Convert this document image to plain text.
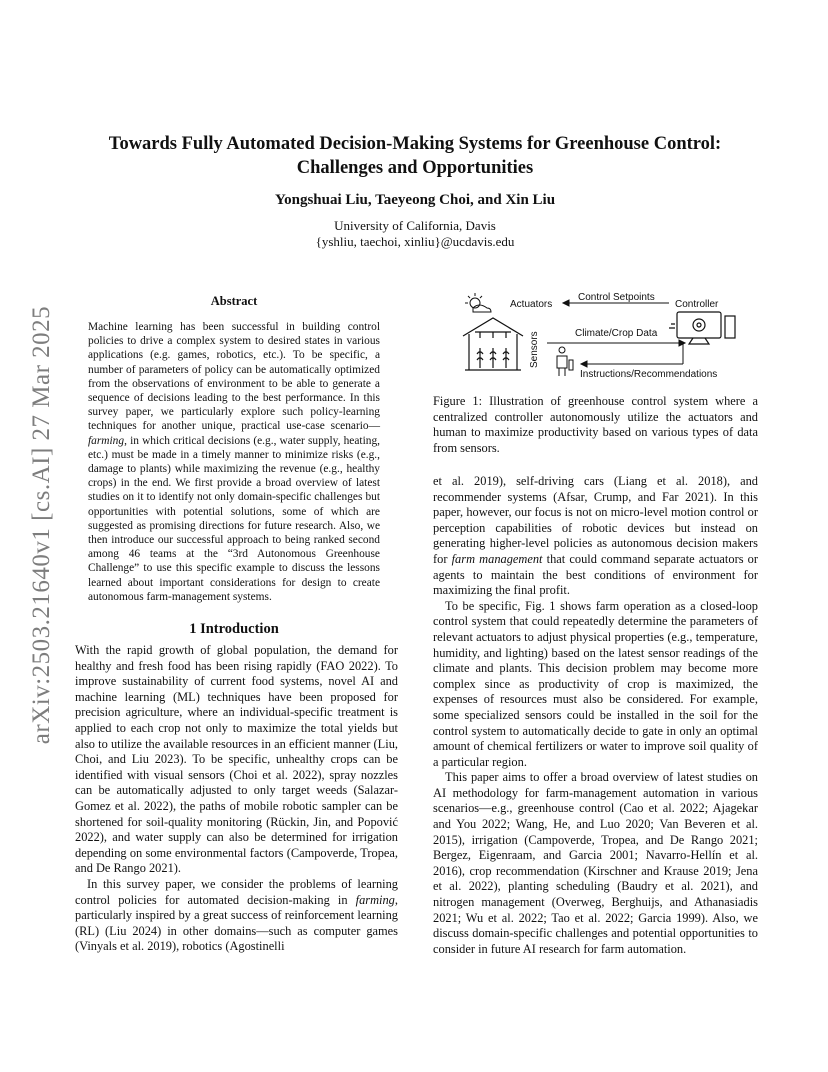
arXiv:2503.21640v1 [cs.AI] 27 Mar 2025
Towards Fully Automated Decision-Making Systems for Greenhouse Control:
Challenges and Opportunities
Yongshuai Liu, Taeyeong Choi, and Xin Liu
University of California, Davis
{yshliu, taechoi, xinliu}@ucdavis.edu
Abstract

Machine learning has been successful in building control policies to drive a complex system to desired states in various applications (e.g. games, robotics, etc.). To be specific, a number of parameters of policy can be automatically optimized from the observations of environment to be able to generate a sequence of decisions leading to the best performance. In this survey paper, we particularly explore such policy-learning techniques for another unique, practical use-case scenario—farming, in which critical decisions (e.g., water supply, heating, etc.) must be made in a timely manner to minimize risks (e.g., damage to plants) while maximizing the revenue (e.g., healthy crops) in the end. We first provide a broad overview of latest studies on it to identify not only domain-specific challenges but opportunities with potential solutions, some of which are suggested as promising directions for future research. Also, we then introduce our successful approach to being ranked second among 46 teams at the “3rd Autonomous Greenhouse Challenge” to use this specific example to discuss the lessons learned about important considerations for design to create autonomous farm-management systems.

1 Introduction

With the rapid growth of global population, the demand for healthy and fresh food has been rising rapidly (FAO 2022). To improve sustainability of current food systems, novel AI and machine learning (ML) techniques have been proposed for precision agriculture, where an individual-specific treatment is applied to each crop not only to maximize the total yields but also to utilize the available resources in an efficient manner (Liu, Choi, and Liu 2023). To be specific, unhealthy crops can be identified with visual sensors (Choi et al. 2022), spray nozzles can be automatically adjusted to only target weeds (Salazar-Gomez et al. 2022), the paths of mobile robotic sampler can be shortened for soil-quality monitoring (Rückin, Jin, and Popović 2022), and water supply can also be determined for irrigation depending on some environmental factors (Campoverde, Tropea, and De Rango 2021).

In this survey paper, we consider the problems of learning control policies for automated decision-making in farming, particularly inspired by a great success of reinforcement learning (RL) (Liu 2024) in other domains—such as computer games (Vinyals et al. 2019), robotics (Agostinelli

Sensors
Actuators
Control Setpoints
Controller
Climate/Crop Data
Instructions/Recommendations
Figure 1: Illustration of greenhouse control system where a centralized controller autonomously utilize the actuators and human to maximize productivity based on various types of data from sensors.

et al. 2019), self-driving cars (Liang et al. 2018), and recommender systems (Afsar, Crump, and Far 2021). In this paper, however, our focus is not on micro-level motion control or perception capabilities of robotic devices but instead on generating higher-level policies as autonomous decision makers for farm management that could command separate actuators or agents to maintain the best conditions of environment for maximizing the final profit.

To be specific, Fig. 1 shows farm operation as a closed-loop control system that could repeatedly determine the parameters of relevant actuators to adjust physical properties (e.g., temperature, humidity, and lighting) based on the latest sensor readings of the climate and plants. This decision problem may become more complex since as productivity of crop is maximized, the expenses of resources must also be considered. For example, some specialized sensors could be installed in the soil for the control system to automatically decide to gate in only an optimal amount of chemical fertilizers or water to improve soil quality of a particular region.

This paper aims to offer a broad overview of latest studies on AI methodology for farm-management automation in various scenarios—e.g., greenhouse control (Cao et al. 2022; Ajagekar and You 2022; Wang, He, and Luo 2020; Van Beveren et al. 2015), irrigation (Campoverde, Tropea, and De Rango 2021; Bergez, Eigenraam, and Garcia 2001; Navarro-Hellín et al. 2016), crop recommendation (Kirschner and Krause 2019; Jena et al. 2022), planting scheduling (Baudry et al. 2021), and nitrogen management (Overweg, Berghuijs, and Athanasiadis 2021; Wu et al. 2022; Tao et al. 2022; Garcia 1999). Also, we discuss domain-specific challenges and potential opportunities to consider in future AI research for farm automation.
